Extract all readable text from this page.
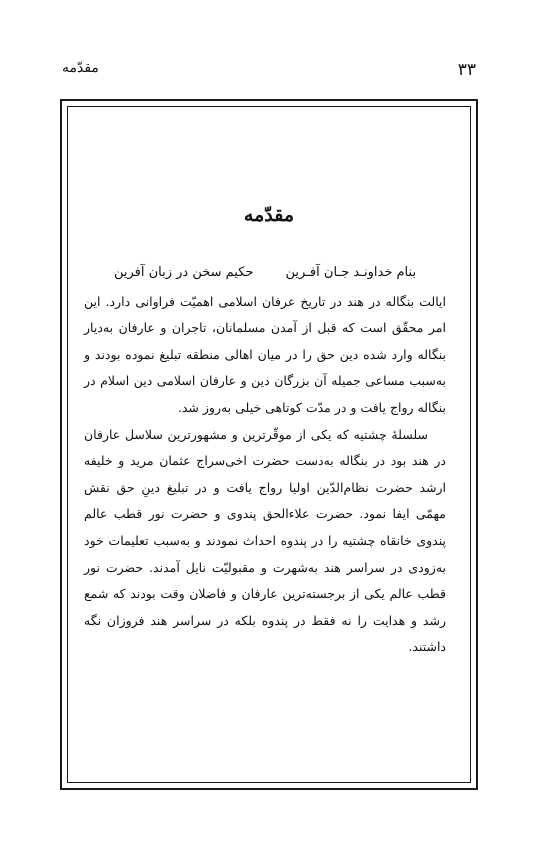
۳۳
مقدّمه
مقدّمه
بنام خداونـد جـان آفـرین
حکیم سخن در زبان آفرین

ایالت بنگاله در هند در تاریخ عرفان اسلامی اهمیّت فراوانی دارد. این امر محقّق است که قبل از آمدن مسلمانان، تاجران و عارفان به‌دیار بنگاله وارد شده دین حق را در میان اهالی منطقه تبلیغ نموده بودند و به‌سبب مساعی جمیله آن بزرگان دین و عارفان اسلامی دین اسلام در بنگاله رواج یافت و در مدّت کوتاهی خیلی به‌روز شد.

سلسلهٔ چشتیه که یکی از موقّرترین و مشهورترین سلاسل عارفان در هند بود در بنگاله به‌دست حضرت اخی‌سراج عثمان مرید و خلیفه ارشد حضرت نظام‌الدّین اولیا رواج یافت و در تبلیغ دینِ حق نقش مهمّی ایفا نمود. حضرت علاءالحق پندوی و حضرت نور قطب عالم پندوی خانقاه چشتیه را در پندوه احداث نمودند و به‌سبب تعلیمات خود به‌زودی در سراسر هند به‌شهرت و مقبولیّت نایل آمدند. حضرت نور قطب عالم یکی از برجسته‌ترین عارفان و فاضلان وقت بودند که شمع رشد و هدایت را نه فقط در پندوه بلکه در سراسر هند فروزان نگه داشتند.
